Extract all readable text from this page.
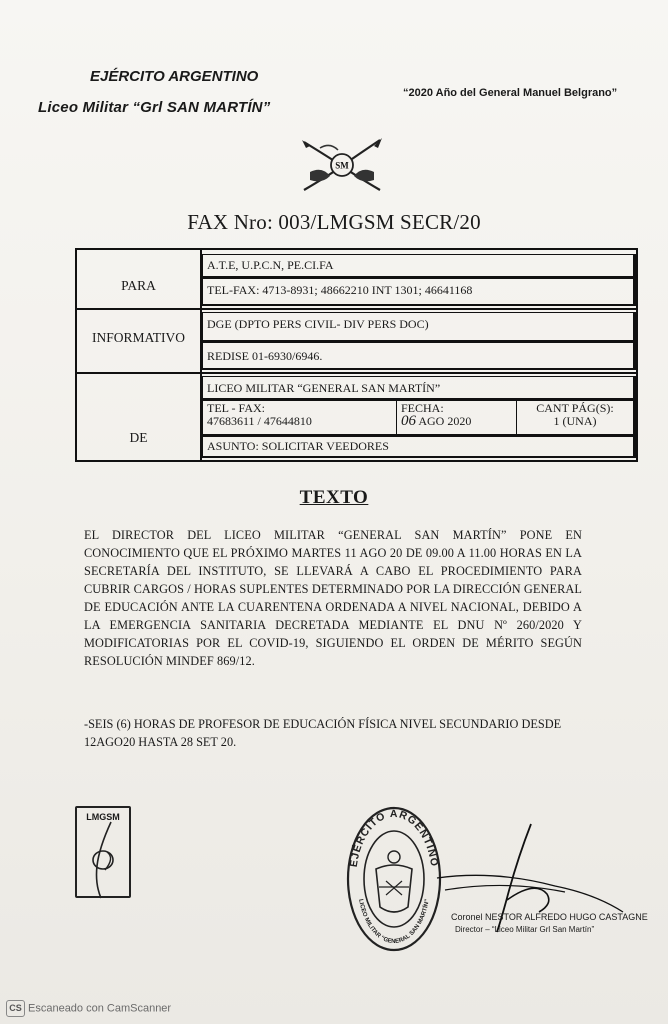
EJÉRCITO ARGENTINO
Liceo Militar “Grl SAN MARTÍN”
“2020 Año del General Manuel Belgrano”
SM
FAX Nro: 003/LMGSM SECR/20
PARA
INFORMATIVO
DE
A.T.E, U.P.C.N, PE.CI.FA
TEL-FAX: 4713-8931; 48662210 INT 1301; 46641168
DGE (DPTO PERS CIVIL- DIV PERS DOC)
REDISE 01-6930/6946.
LICEO MILITAR “GENERAL SAN MARTÍN”
TEL - FAX:
47683611 / 47644810
FECHA:
06 AGO 2020
CANT PÁG(S):
1 (UNA)
ASUNTO: SOLICITAR VEEDORES
TEXTO
EL DIRECTOR DEL LICEO MILITAR “GENERAL SAN MARTÍN” PONE EN CONOCIMIENTO QUE EL PRÓXIMO MARTES 11 AGO 20 DE 09.00 A 11.00 HORAS EN LA SECRETARÍA DEL INSTITUTO, SE LLEVARÁ A CABO EL PROCEDIMIENTO PARA CUBRIR CARGOS / HORAS SUPLENTES DETERMINADO POR LA DIRECCIÓN GENERAL DE EDUCACIÓN ANTE LA CUARENTENA ORDENADA A NIVEL NACIONAL, DEBIDO A LA EMERGENCIA SANITARIA DECRETADA MEDIANTE EL DNU Nº 260/2020 Y MODIFICATORIAS POR EL COVID-19, SIGUIENDO EL ORDEN DE MÉRITO SEGÚN RESOLUCIÓN MINDEF 869/12.
-SEIS (6) HORAS DE PROFESOR DE EDUCACIÓN FÍSICA NIVEL SECUNDARIO DESDE 12AGO20 HASTA 28 SET 20.
LMGSM
EJÉRCITO ARGENTINO
LICEO MILITAR “GENERAL SAN MARTÍN”
Coronel NESTOR ALFREDO HUGO CASTAGNE
Director – “Liceo Militar Grl San Martín”
CS Escaneado con CamScanner
